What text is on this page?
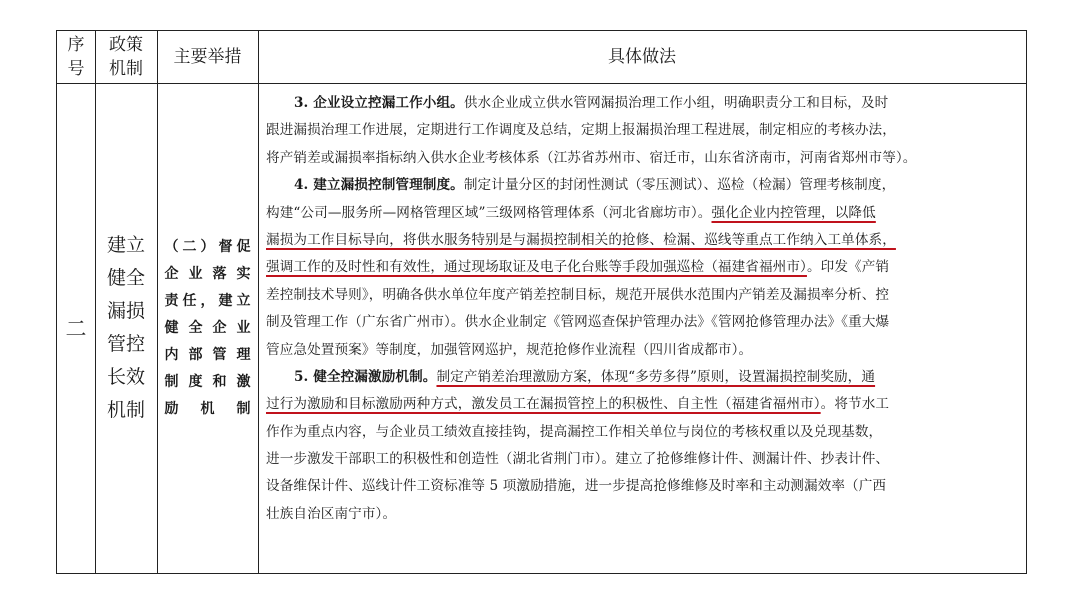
序
号
政策
机制
主要举措	具体做法
二
建立
健全
漏损
管控
长效
机制
（二）督促
企业落实
责任，建立
健全企业
内部管理
制度和激
励机制
3. 企业设立控漏工作小组。供水企业成立供水管网漏损治理工作小组，明确职责分工和目标，及时
跟进漏损治理工作进展，定期进行工作调度及总结，定期上报漏损治理工程进展，制定相应的考核办法，
将产销差或漏损率指标纳入供水企业考核体系（江苏省苏州市、宿迁市，山东省济南市，河南省郑州市等）。
4. 建立漏损控制管理制度。制定计量分区的封闭性测试（零压测试）、巡检（检漏）管理考核制度，
构建“公司—服务所—网格管理区域”三级网格管理体系（河北省廊坊市）。强化企业内控管理，以降低
漏损为工作目标导向，将供水服务特别是与漏损控制相关的抢修、检漏、巡线等重点工作纳入工单体系，
强调工作的及时性和有效性，通过现场取证及电子化台账等手段加强巡检（福建省福州市）。印发《产销
差控制技术导则》，明确各供水单位年度产销差控制目标，规范开展供水范围内产销差及漏损率分析、控
制及管理工作（广东省广州市）。供水企业制定《管网巡查保护管理办法》《管网抢修管理办法》《重大爆
管应急处置预案》等制度，加强管网巡护，规范抢修作业流程（四川省成都市）。
5. 健全控漏激励机制。制定产销差治理激励方案，体现“多劳多得”原则，设置漏损控制奖励，通
过行为激励和目标激励两种方式，激发员工在漏损管控上的积极性、自主性（福建省福州市）。将节水工
作作为重点内容，与企业员工绩效直接挂钩，提高漏控工作相关单位与岗位的考核权重以及兑现基数，
进一步激发干部职工的积极性和创造性（湖北省荆门市）。建立了抢修维修计件、测漏计件、抄表计件、
设备维保计件、巡线计件工资标准等 5 项激励措施，进一步提高抢修维修及时率和主动测漏效率（广西
壮族自治区南宁市）。
